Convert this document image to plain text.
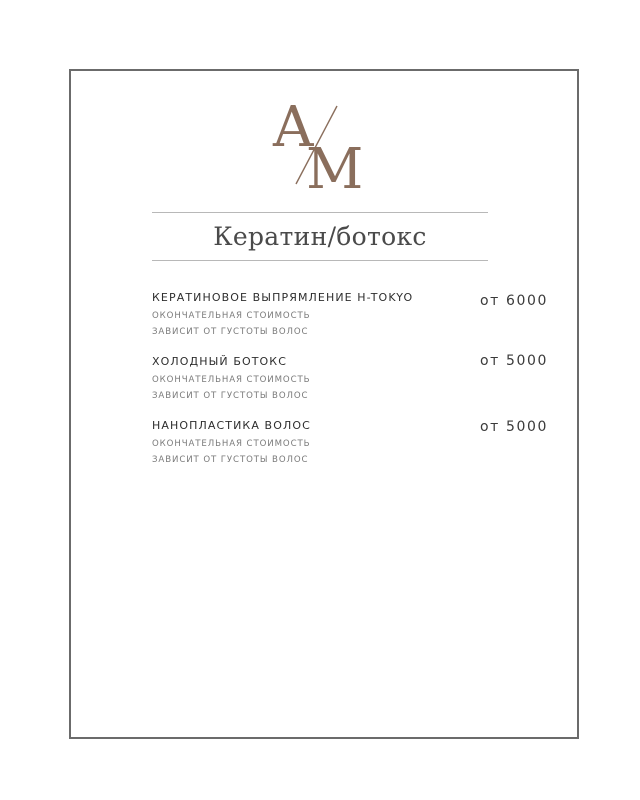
A
M
Кератин/ботокс
КЕРАТИНОВОЕ ВЫПРЯМЛЕНИЕ H-TOKYO
ОКОНЧАТЕЛЬНАЯ СТОИМОСТЬ
ЗАВИСИТ ОТ ГУСТОТЫ ВОЛОС
от 6000
ХОЛОДНЫЙ БОТОКС
ОКОНЧАТЕЛЬНАЯ СТОИМОСТЬ
ЗАВИСИТ ОТ ГУСТОТЫ ВОЛОС
от 5000
НАНОПЛАСТИКА ВОЛОС
ОКОНЧАТЕЛЬНАЯ СТОИМОСТЬ
ЗАВИСИТ ОТ ГУСТОТЫ ВОЛОС
от 5000
